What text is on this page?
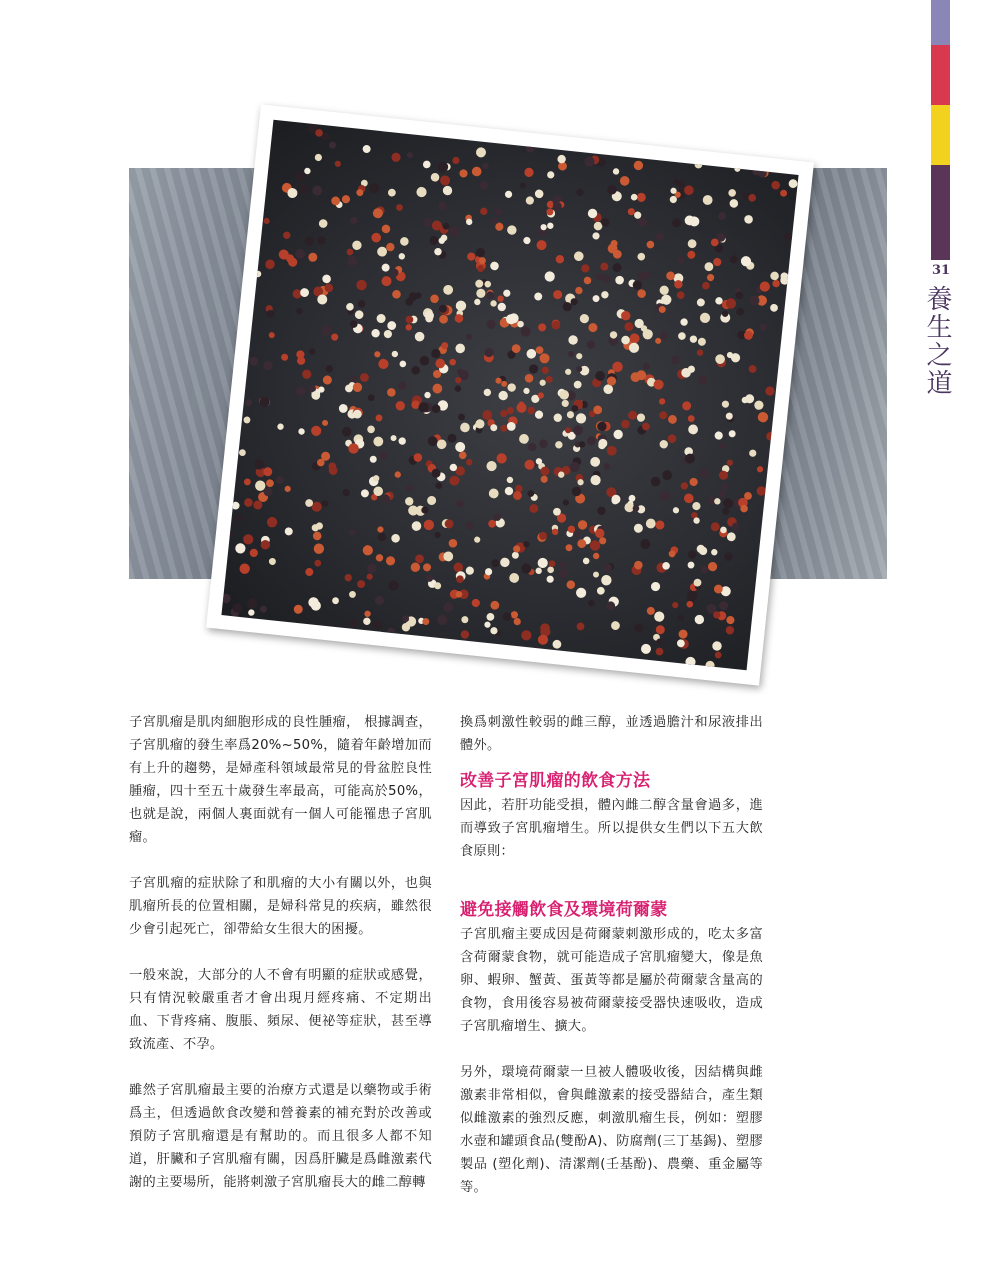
31
養生之道

子宮肌瘤是肌肉細胞形成的良性腫瘤， 根據調查，子宮肌瘤的發生率爲20%~50%，隨着年齡增加而有上升的趨勢，是婦產科領域最常見的骨盆腔良性腫瘤，四十至五十歲發生率最高，可能高於50%，也就是說，兩個人裏面就有一個人可能罹患子宮肌瘤。

子宮肌瘤的症狀除了和肌瘤的大小有關以外，也與肌瘤所長的位置相關，是婦科常見的疾病，雖然很少會引起死亡，卻帶給女生很大的困擾。

一般來說，大部分的人不會有明顯的症狀或感覺，只有情況較嚴重者才會出現月經疼痛、不定期出血、下背疼痛、腹脹、頻尿、便祕等症狀，甚至導致流產、不孕。

雖然子宮肌瘤最主要的治療方式還是以藥物或手術爲主，但透過飲食改變和營養素的補充對於改善或預防子宮肌瘤還是有幫助的。而且很多人都不知道，肝臟和子宮肌瘤有關，因爲肝臟是爲雌激素代謝的主要場所，能將刺激子宮肌瘤長大的雌二醇轉

換爲刺激性較弱的雌三醇，並透過膽汁和尿液排出體外。

改善子宮肌瘤的飲食方法

因此，若肝功能受損，體內雌二醇含量會過多，進而導致子宮肌瘤增生。所以提供女生們以下五大飲食原則：

避免接觸飲食及環境荷爾蒙

子宮肌瘤主要成因是荷爾蒙刺激形成的，吃太多富含荷爾蒙食物，就可能造成子宮肌瘤變大，像是魚卵、蝦卵、蟹黃、蛋黃等都是屬於荷爾蒙含量高的食物，食用後容易被荷爾蒙接受器快速吸收，造成子宮肌瘤增生、擴大。

另外，環境荷爾蒙一旦被人體吸收後，因結構與雌激素非常相似，會與雌激素的接受器結合，產生類似雌激素的強烈反應，刺激肌瘤生長，例如：塑膠水壺和罐頭食品(雙酚A)、防腐劑(三丁基錫)、塑膠製品 (塑化劑)、清潔劑(壬基酚)、農藥、重金屬等等。
